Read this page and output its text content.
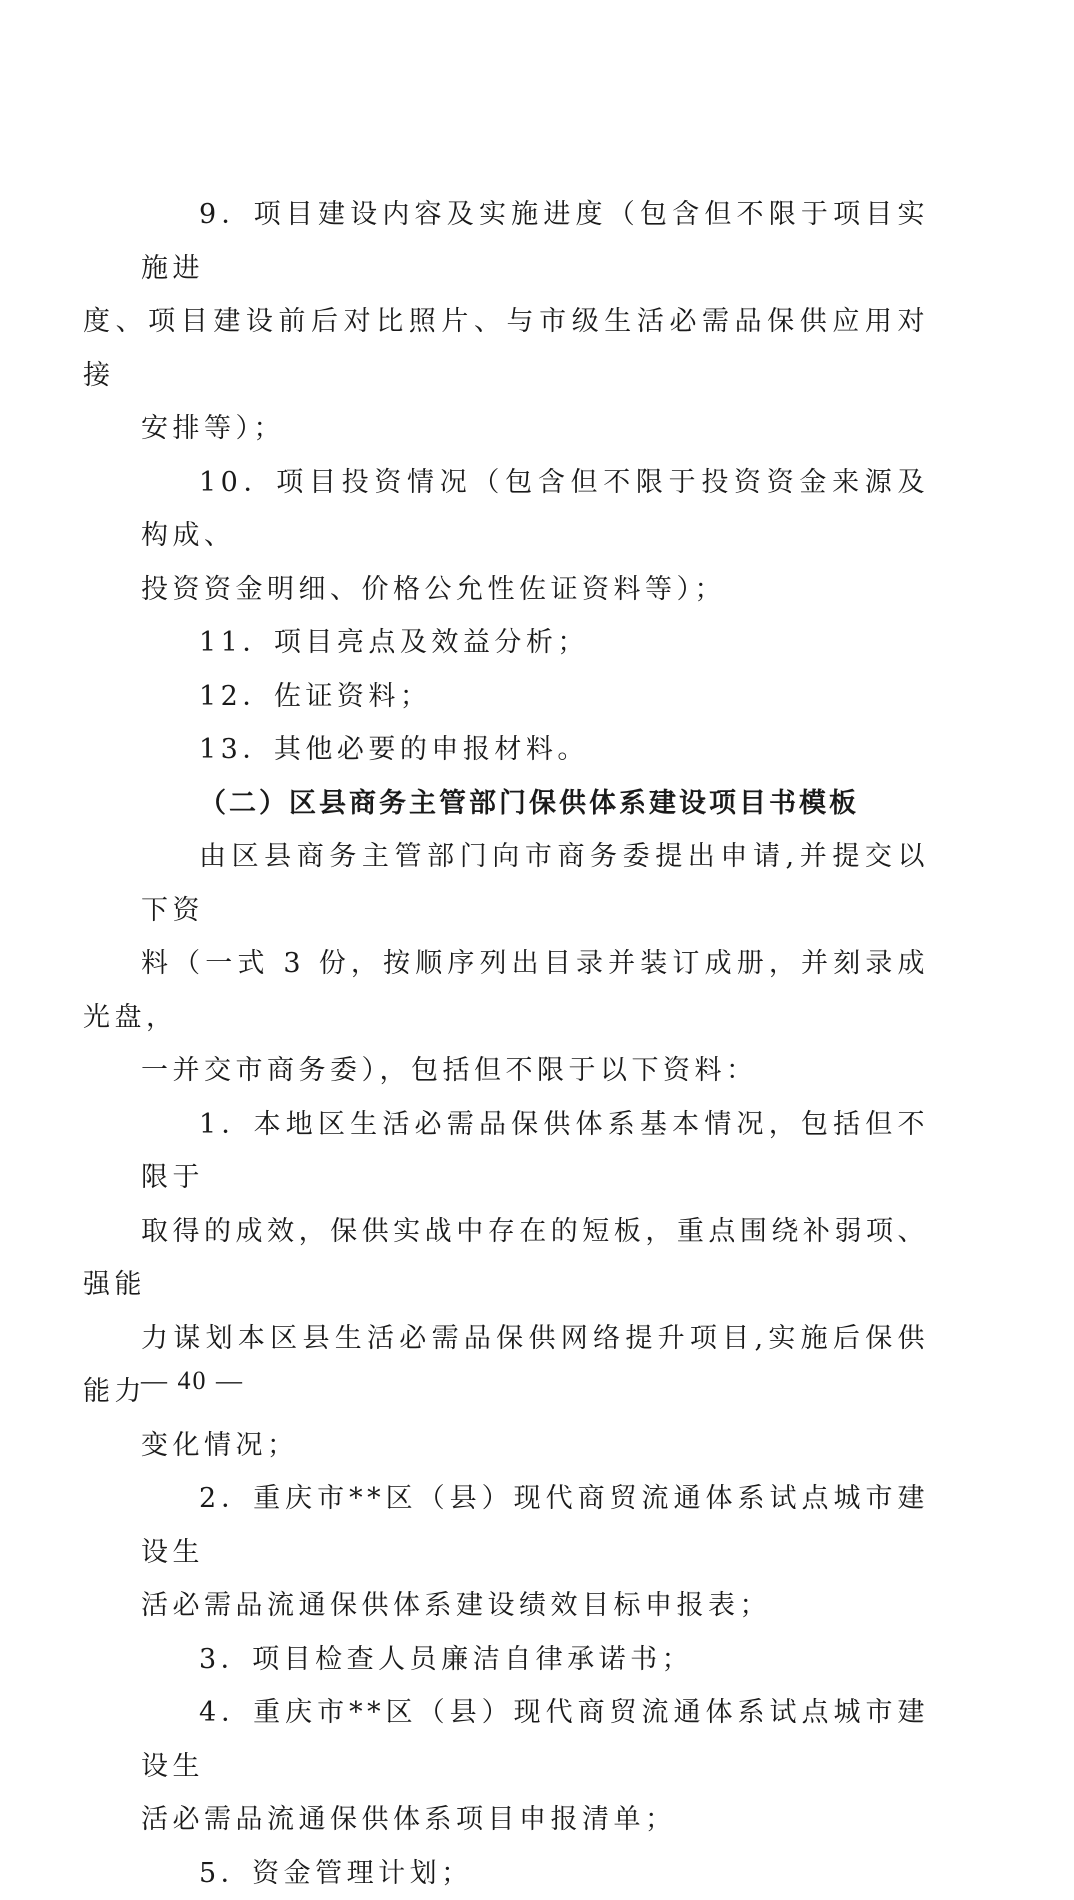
9．项目建设内容及实施进度（包含但不限于项目实施进
度、项目建设前后对比照片、与市级生活必需品保供应用对接
安排等）；

10．项目投资情况（包含但不限于投资资金来源及构成、
投资资金明细、价格公允性佐证资料等）；

11．项目亮点及效益分析；

12．佐证资料；

13．其他必要的申报材料。

（二）区县商务主管部门保供体系建设项目书模板

由区县商务主管部门向市商务委提出申请,并提交以下资
料（一式 3 份，按顺序列出目录并装订成册，并刻录成光盘，
一并交市商务委），包括但不限于以下资料：

1．本地区生活必需品保供体系基本情况，包括但不限于
取得的成效，保供实战中存在的短板，重点围绕补弱项、强能
力谋划本区县生活必需品保供网络提升项目,实施后保供能力
变化情况；

2．重庆市**区（县）现代商贸流通体系试点城市建设生
活必需品流通保供体系建设绩效目标申报表；

3．项目检查人员廉洁自律承诺书；

4．重庆市**区（县）现代商贸流通体系试点城市建设生
活必需品流通保供体系项目申报清单；

5．资金管理计划；

— 40 —
